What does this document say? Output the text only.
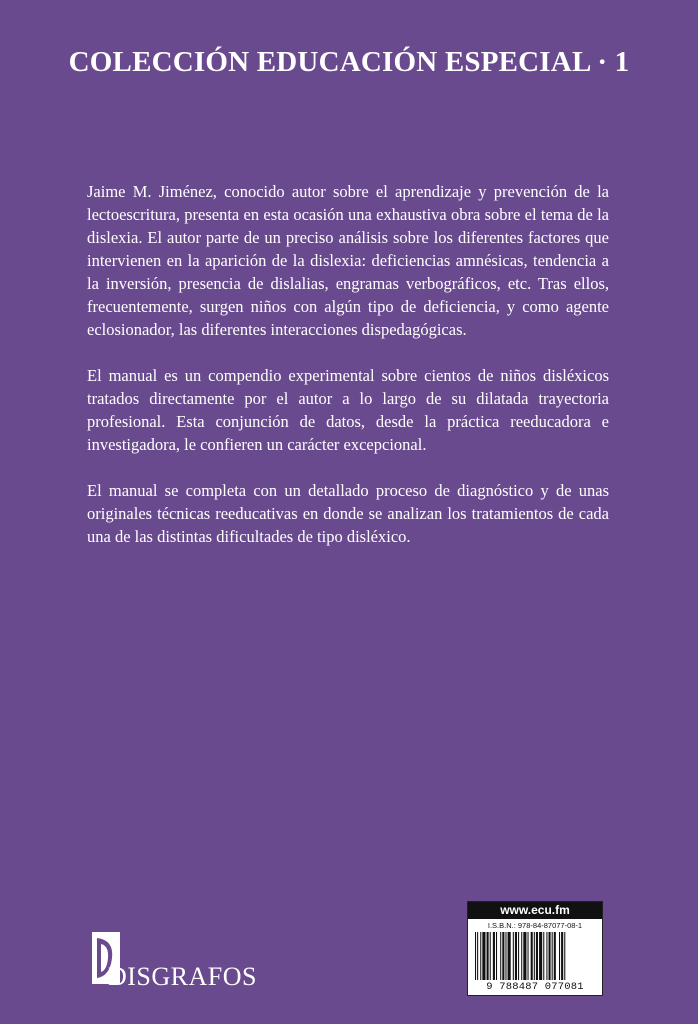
COLECCIÓN EDUCACIÓN ESPECIAL · 1

Jaime M. Jiménez, conocido autor sobre el aprendizaje y prevención de la lectoescritura, presenta en esta ocasión una exhaustiva obra sobre el tema de la dislexia. El autor parte de un preciso análisis sobre los diferentes factores que intervienen en la aparición de la dislexia: deficiencias amnésicas, tendencia a la inversión, presencia de dislalias, engramas verbográficos, etc. Tras ellos, frecuentemente, surgen niños con algún tipo de deficiencia, y como agente eclosionador, las diferentes interacciones dispedagógicas.

El manual es un compendio experimental sobre cientos de niños disléxicos tratados directamente por el autor a lo largo de su dilatada trayectoria profesional. Esta conjunción de datos, desde la práctica reeducadora e investigadora, le confieren un carácter excepcional.

El manual se completa con un detallado proceso de diagnóstico y de unas originales técnicas reeducativas en donde se analizan los tratamientos de cada una de las distintas dificultades de tipo disléxico.

DISGRAFOS
www.ecu.fm
I.S.B.N.: 978-84-87077-08-1
9 788487 077081
